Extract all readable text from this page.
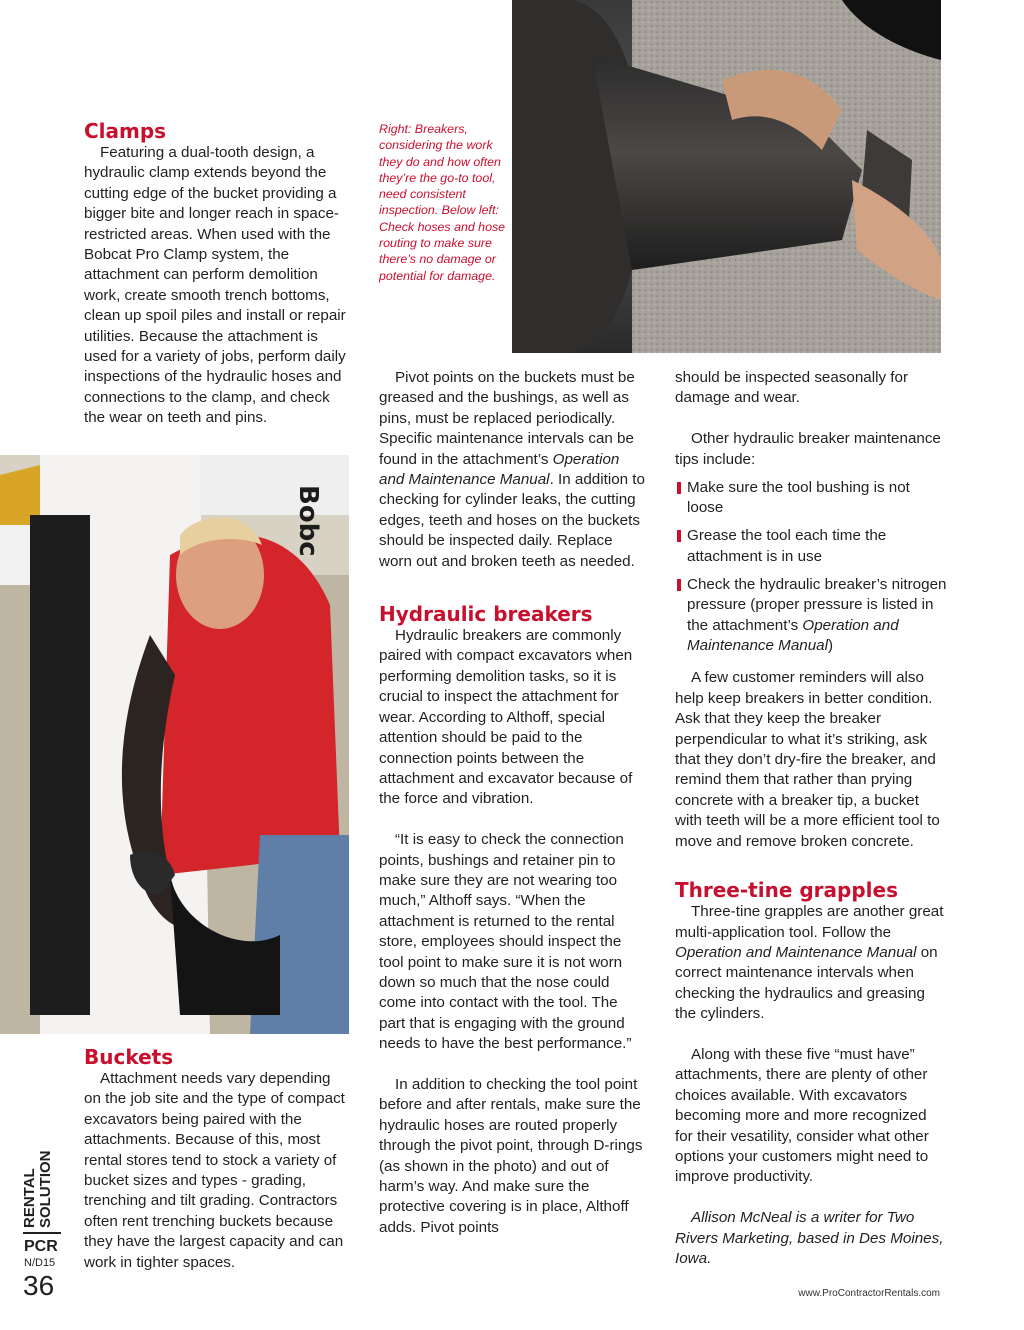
Bobc
Right: Breakers, considering the work they do and how often they’re the go-to tool, need consistent inspection. Below left: Check hoses and hose routing to make sure there’s no damage or potential for damage.
Clamps

Featuring a dual-tooth design, a hydraulic clamp extends beyond the cutting edge of the bucket providing a bigger bite and longer reach in space-restricted areas. When used with the Bobcat Pro Clamp system, the attachment can perform demolition work, create smooth trench bottoms, clean up spoil piles and install or repair utilities. Because the attachment is used for a variety of jobs, perform daily inspections of the hydraulic hoses and connections to the clamp, and check the wear on teeth and pins.

Buckets

Attachment needs vary depending on the job site and the type of compact excavators being paired with the attachments. Because of this, most rental stores tend to stock a variety of bucket sizes and types - grading, trenching and tilt grading. Contractors often rent trenching buckets because they have the largest capacity and can work in tighter spaces.

Pivot points on the buckets must be greased and the bushings, as well as pins, must be replaced periodically. Specific maintenance intervals can be found in the attachment’s Operation and Maintenance Manual. In addition to checking for cylinder leaks, the cutting edges, teeth and hoses on the buckets should be inspected daily. Replace worn out and broken teeth as needed.

Hydraulic breakers

Hydraulic breakers are commonly paired with compact excavators when performing demolition tasks, so it is crucial to inspect the attachment for wear. According to Althoff, special attention should be paid to the connection points between the attachment and excavator because of the force and vibration.

“It is easy to check the connection points, bushings and retainer pin to make sure they are not wearing too much,” Althoff says. “When the attachment is returned to the rental store, employees should inspect the tool point to make sure it is not worn down so much that the nose could come into contact with the tool. The part that is engaging with the ground needs to have the best performance.”

In addition to checking the tool point before and after rentals, make sure the hydraulic hoses are routed properly through the pivot point, through D-rings (as shown in the photo) and out of harm’s way. And make sure the protective covering is in place, Althoff adds. Pivot points

should be inspected seasonally for damage and wear.

Other hydraulic breaker maintenance tips include:

Make sure the tool bushing is not loose
Grease the tool each time the attachment is in use
Check the hydraulic breaker’s nitrogen pressure (proper pressure is listed in the attachment’s Operation and Maintenance Manual)

A few customer reminders will also help keep breakers in better condition. Ask that they keep the breaker perpendicular to what it’s striking, ask that they don’t dry-fire the breaker, and remind them that rather than prying concrete with a breaker tip, a bucket with teeth will be a more efficient tool to move and remove broken concrete.

Three-tine grapples

Three-tine grapples are another great multi-application tool. Follow the Operation and Maintenance Manual on correct maintenance intervals when checking the hydraulics and greasing the cylinders.

Along with these five “must have” attachments, there are plenty of other choices available. With excavators becoming more and more recognized for their vesatility, consider what other options your customers might need to improve productivity.

Allison McNeal is a writer for Two Rivers Marketing, based in Des Moines, Iowa.

RENTAL SOLUTION
PCR
N/D15
36	www.ProContractorRentals.com
